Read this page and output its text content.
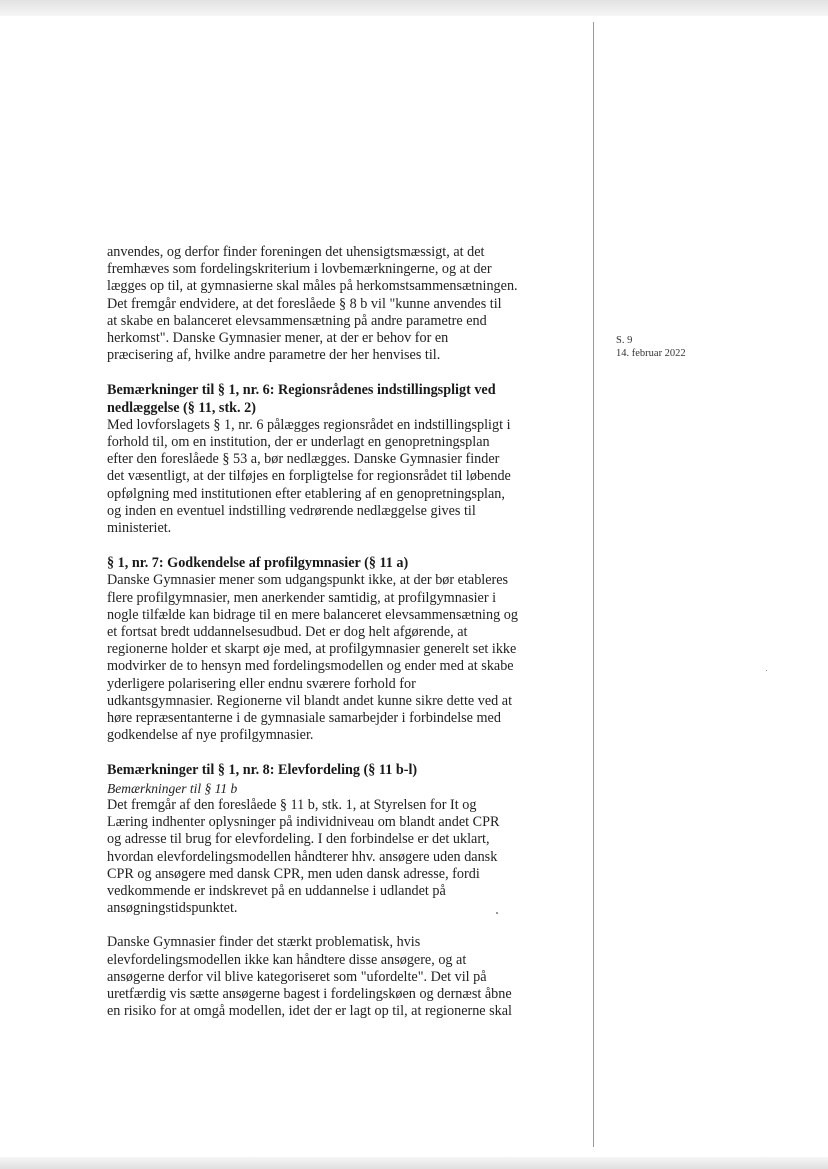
S. 9
14. februar 2022

anvendes, og derfor finder foreningen det uhensigtsmæssigt, at det
fremhæves som fordelingskriterium i lovbemærkningerne, og at der
lægges op til, at gymnasierne skal måles på herkomstsammensætningen.
Det fremgår endvidere, at det foreslåede § 8 b vil "kunne anvendes til
at skabe en balanceret elevsammensætning på andre parametre end
herkomst". Danske Gymnasier mener, at der er behov for en
præcisering af, hvilke andre parametre der her henvises til.

Bemærkninger til § 1, nr. 6: Regionsrådenes indstillingspligt ved
nedlæggelse (§ 11, stk. 2)

Med lovforslagets § 1, nr. 6 pålægges regionsrådet en indstillingspligt i
forhold til, om en institution, der er underlagt en genopretningsplan
efter den foreslåede § 53 a, bør nedlægges. Danske Gymnasier finder
det væsentligt, at der tilføjes en forpligtelse for regionsrådet til løbende
opfølgning med institutionen efter etablering af en genopretningsplan,
og inden en eventuel indstilling vedrørende nedlæggelse gives til
ministeriet.

§ 1, nr. 7: Godkendelse af profilgymnasier (§ 11 a)

Danske Gymnasier mener som udgangspunkt ikke, at der bør etableres
flere profilgymnasier, men anerkender samtidig, at profilgymnasier i
nogle tilfælde kan bidrage til en mere balanceret elevsammensætning og
et fortsat bredt uddannelsesudbud. Det er dog helt afgørende, at
regionerne holder et skarpt øje med, at profilgymnasier generelt set ikke
modvirker de to hensyn med fordelingsmodellen og ender med at skabe
yderligere polarisering eller endnu sværere forhold for
udkantsgymnasier. Regionerne vil blandt andet kunne sikre dette ved at
høre repræsentanterne i de gymnasiale samarbejder i forbindelse med
godkendelse af nye profilgymnasier.

Bemærkninger til § 1, nr. 8: Elevfordeling (§ 11 b-l)
Bemærkninger til § 11 b

Det fremgår af den foreslåede § 11 b, stk. 1, at Styrelsen for It og
Læring indhenter oplysninger på individniveau om blandt andet CPR
og adresse til brug for elevfordeling. I den forbindelse er det uklart,
hvordan elevfordelingsmodellen håndterer hhv. ansøgere uden dansk
CPR og ansøgere med dansk CPR, men uden dansk adresse, fordi
vedkommende er indskrevet på en uddannelse i udlandet på
ansøgningstidspunktet.

Danske Gymnasier finder det stærkt problematisk, hvis
elevfordelingsmodellen ikke kan håndtere disse ansøgere, og at
ansøgerne derfor vil blive kategoriseret som "ufordelte". Det vil på
uretfærdig vis sætte ansøgerne bagest i fordelingskøen og dernæst åbne
en risiko for at omgå modellen, idet der er lagt op til, at regionerne skal
